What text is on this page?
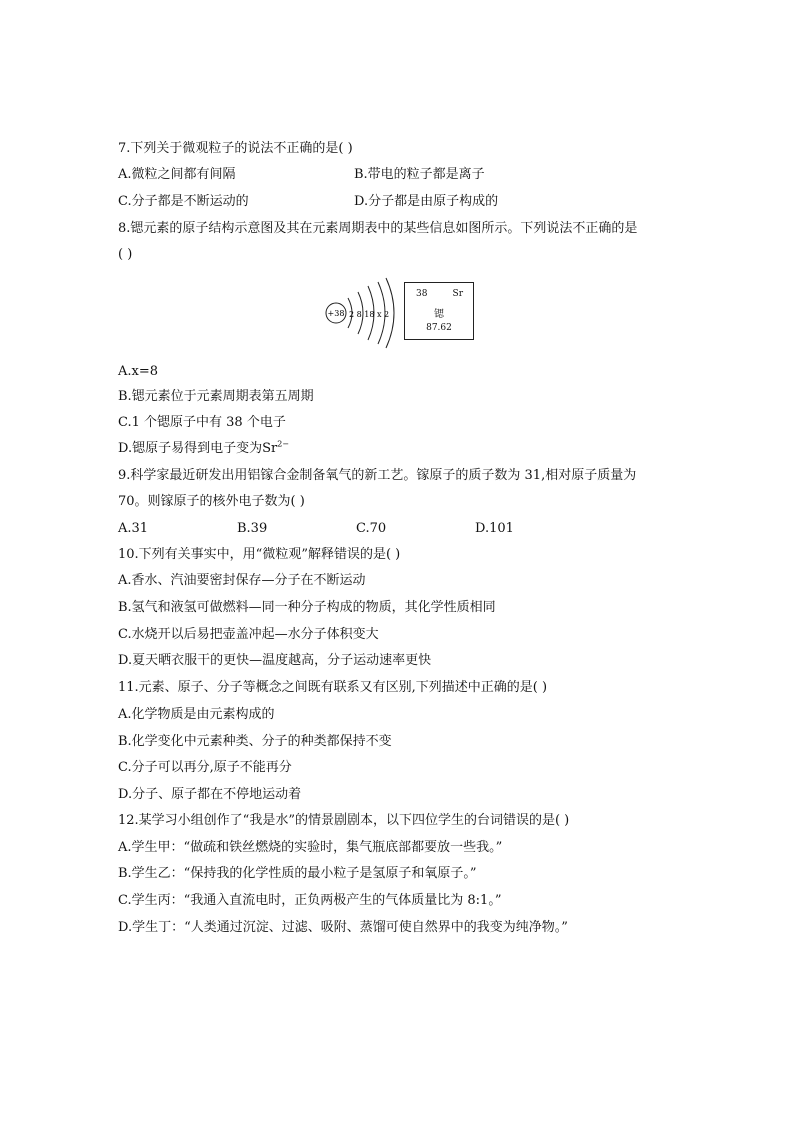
7.下列关于微观粒子的说法不正确的是( )
A.微粒之间都有间隔	B.带电的粒子都是离子
C.分子都是不断运动的	D.分子都是由原子构成的
8.锶元素的原子结构示意图及其在元素周期表中的某些信息如图所示。下列说法不正确的是
( )
+38 2 8 18 x 2
38	Sr
锶
87.62
A.x=8
B.锶元素位于元素周期表第五周期
C.1 个锶原子中有 38 个电子
D.锶原子易得到电子变为$Sr^{2-}$
9.科学家最近研发出用铝镓合金制备氧气的新工艺。镓原子的质子数为 31,相对原子质量为
70。则镓原子的核外电子数为( )
A.31	B.39	C.70	D.101
10.下列有关事实中，用“微粒观”解释错误的是( )
A.香水、汽油要密封保存—分子在不断运动
B.氢气和液氢可做燃料—同一种分子构成的物质，其化学性质相同
C.水烧开以后易把壶盖冲起—水分子体积变大
D.夏天晒衣服干的更快—温度越高，分子运动速率更快
11.元素、原子、分子等概念之间既有联系又有区别,下列描述中正确的是( )
A.化学物质是由元素构成的
B.化学变化中元素种类、分子的种类都保持不变
C.分子可以再分,原子不能再分
D.分子、原子都在不停地运动着
12.某学习小组创作了“我是水”的情景剧剧本，以下四位学生的台词错误的是( )
A.学生甲：“做疏和铁丝燃烧的实验时，集气瓶底部都要放一些我。”
B.学生乙：“保持我的化学性质的最小粒子是氢原子和氧原子。”
C.学生丙：“我通入直流电时，正负两极产生的气体质量比为 8:1。”
D.学生丁：“人类通过沉淀、过滤、吸附、蒸馏可使自然界中的我变为纯净物。”
